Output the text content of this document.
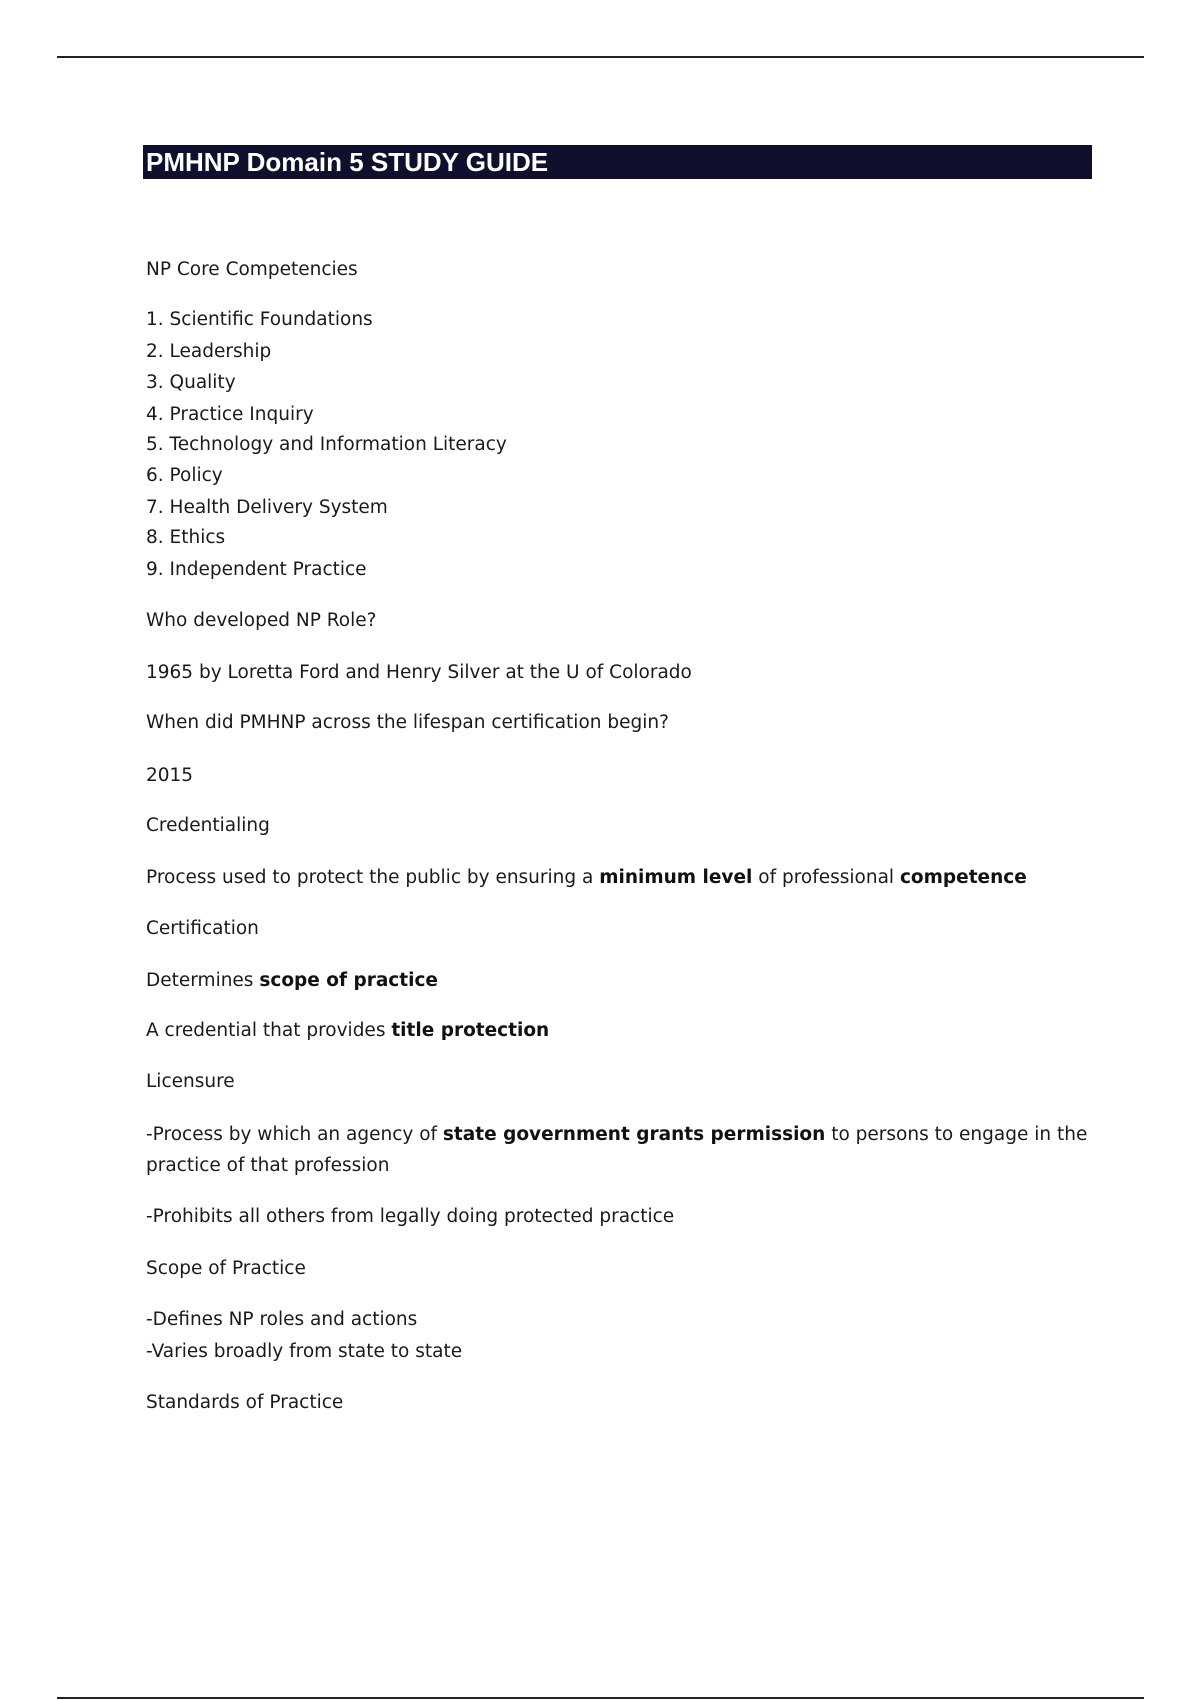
PMHNP Domain 5 STUDY GUIDE
NP Core Competencies
1. Scientific Foundations
2. Leadership
3. Quality
4. Practice Inquiry
5. Technology and Information Literacy
6. Policy
7. Health Delivery System
8. Ethics
9. Independent Practice
Who developed NP Role?
1965 by Loretta Ford and Henry Silver at the U of Colorado
When did PMHNP across the lifespan certification begin?
2015
Credentialing
Process used to protect the public by ensuring a minimum level of professional competence
Certification
Determines scope of practice
A credential that provides title protection
Licensure
-Process by which an agency of state government grants permission to persons to engage in the
practice of that profession
-Prohibits all others from legally doing protected practice
Scope of Practice
-Defines NP roles and actions
-Varies broadly from state to state
Standards of Practice
